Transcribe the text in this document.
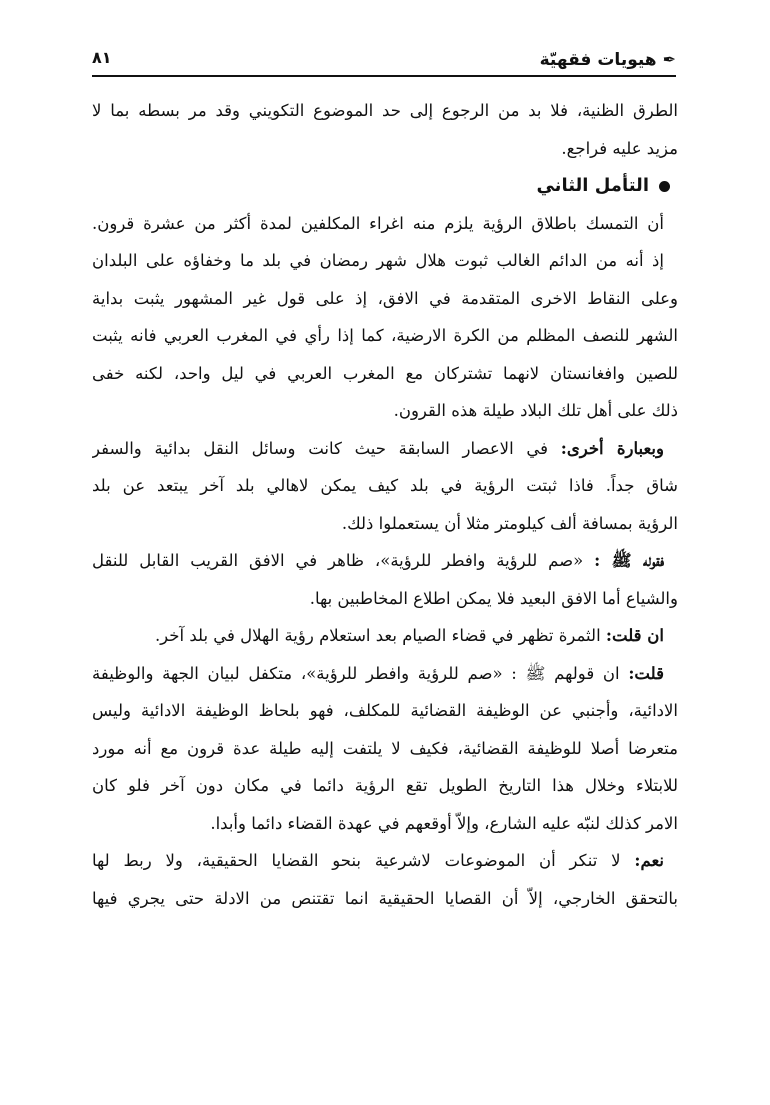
✒هيويات فقهيّة
٨١
الطرق الظنية، فلا بد من الرجوع إلى حد الموضوع التكويني وقد مر بسطه بما لا
مزيد عليه فراجع.
التأمل الثاني
أن التمسك باطلاق الرؤية يلزم منه اغراء المكلفين لمدة أكثر من عشرة قرون.
إذ أنه من الدائم الغالب ثبوت هلال شهر رمضان في بلد ما وخفاؤه على البلدان
وعلى النقاط الاخرى المتقدمة في الافق، إذ على قول غير المشهور يثبت بداية
الشهر للنصف المظلم من الكرة الارضية، كما إذا رأي في المغرب العربي فانه يثبت
للصين وافغانستان لانهما تشتركان مع المغرب العربي في ليل واحد، لكنه خفى
ذلك على أهل تلك البلاد طيلة هذه القرون.
وبعبارة أخرى: في الاعصار السابقة حيث كانت وسائل النقل بدائية والسفر
شاق جداً. فاذا ثبتت الرؤية في بلد كيف يمكن لاهالي بلد آخر يبتعد عن بلد
الرؤية بمسافة ألف كيلومتر مثلا أن يستعملوا ذلك.
فقوله ﷺ : «صم للرؤية وافطر للرؤية»، ظاهر في الافق القريب القابل للنقل
والشياع أما الافق البعيد فلا يمكن اطلاع المخاطبين بها.
ان قلت: الثمرة تظهر في قضاء الصيام بعد استعلام رؤية الهلال في بلد آخر.
قلت: ان قولهم ﷺ : «صم للرؤية وافطر للرؤية»، متكفل لبيان الجهة والوظيفة
الادائية، وأجنبي عن الوظيفة القضائية للمكلف، فهو بلحاظ الوظيفة الادائية وليس
متعرضا أصلا للوظيفة القضائية، فكيف لا يلتفت إليه طيلة عدة قرون مع أنه مورد
للابتلاء وخلال هذا التاريخ الطويل تقع الرؤية دائما في مكان دون آخر فلو كان
الامر كذلك لنبّه عليه الشارع، وإلاّ أوقعهم في عهدة القضاء دائما وأبدا.
نعم: لا تنكر أن الموضوعات لاشرعية بنحو القضايا الحقيقية، ولا ربط لها
بالتحقق الخارجي، إلاّ أن القصايا الحقيقية انما تقتنص من الادلة حتى يجري فيها
